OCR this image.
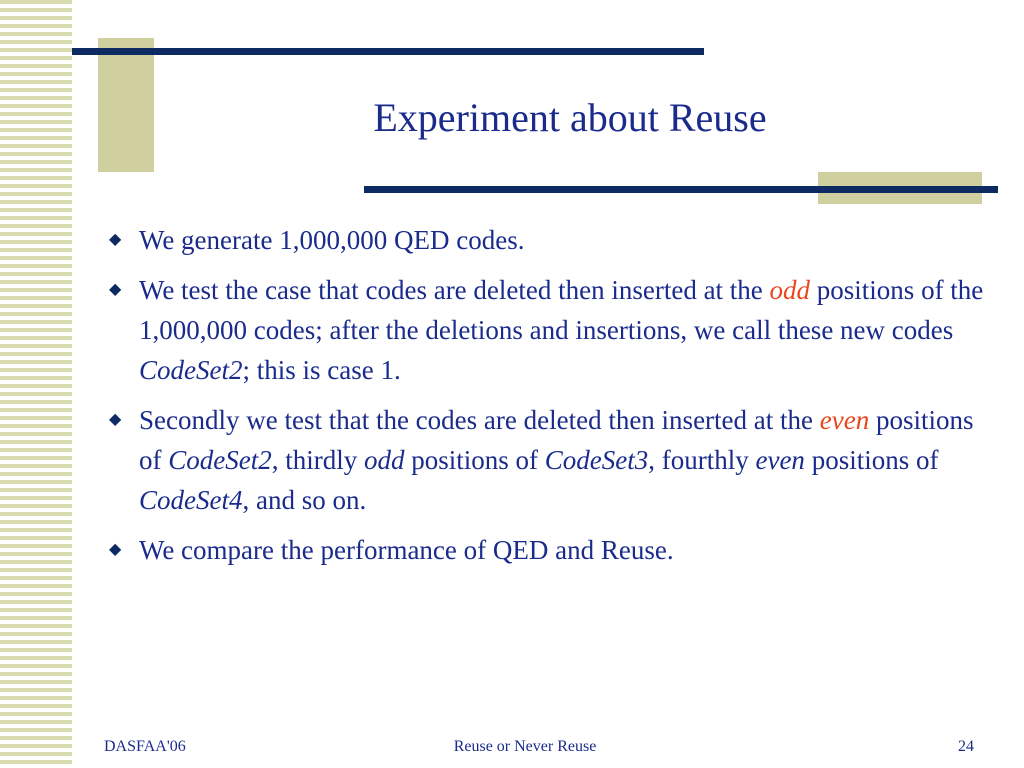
Experiment about Reuse
◆ We generate 1,000,000 QED codes.
◆ We test the case that codes are deleted then inserted at the odd positions of the 1,000,000 codes; after the deletions and insertions, we call these new codes CodeSet2; this is case 1.
◆ Secondly we test that the codes are deleted then inserted at the even positions of CodeSet2, thirdly odd positions of CodeSet3, fourthly even positions of CodeSet4, and so on.
◆ We compare the performance of QED and Reuse.
DASFAA'06	Reuse or Never Reuse	24
